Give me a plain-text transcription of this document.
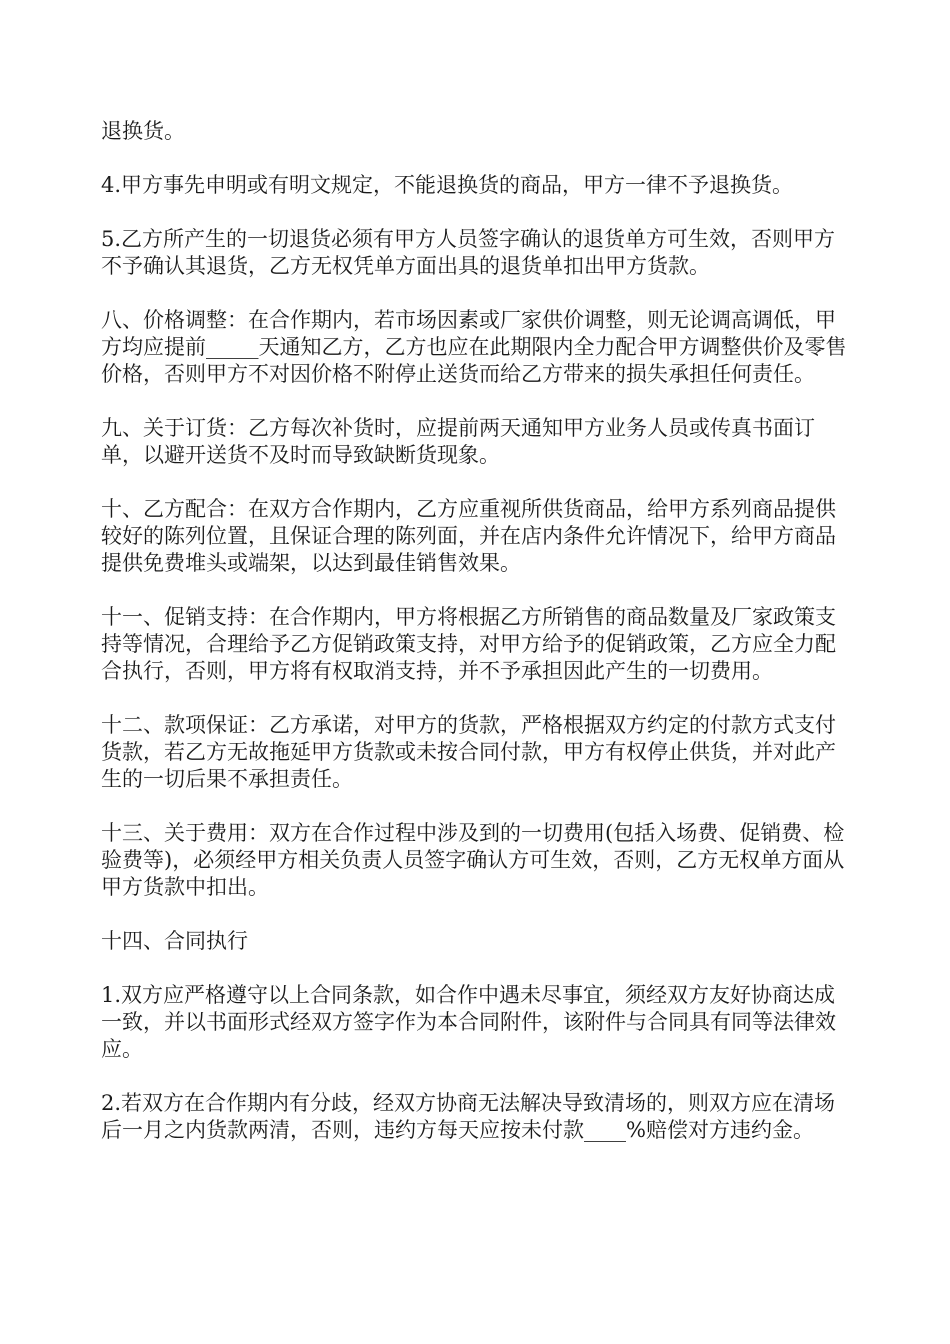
退换货。

4.甲方事先申明或有明文规定，不能退换货的商品，甲方一律不予退换货。

5.乙方所产生的一切退货必须有甲方人员签字确认的退货单方可生效，否则甲方不予确认其退货，乙方无权凭单方面出具的退货单扣出甲方货款。

八、价格调整：在合作期内，若市场因素或厂家供价调整，则无论调高调低，甲方均应提前_____天通知乙方，乙方也应在此期限内全力配合甲方调整供价及零售价格，否则甲方不对因价格不附停止送货而给乙方带来的损失承担任何责任。

九、关于订货：乙方每次补货时，应提前两天通知甲方业务人员或传真书面订单，以避开送货不及时而导致缺断货现象。

十、乙方配合：在双方合作期内，乙方应重视所供货商品，给甲方系列商品提供较好的陈列位置，且保证合理的陈列面，并在店内条件允许情况下，给甲方商品提供免费堆头或端架，以达到最佳销售效果。

十一、促销支持：在合作期内，甲方将根据乙方所销售的商品数量及厂家政策支持等情况，合理给予乙方促销政策支持，对甲方给予的促销政策，乙方应全力配合执行，否则，甲方将有权取消支持，并不予承担因此产生的一切费用。

十二、款项保证：乙方承诺，对甲方的货款，严格根据双方约定的付款方式支付货款，若乙方无故拖延甲方货款或未按合同付款，甲方有权停止供货，并对此产生的一切后果不承担责任。

十三、关于费用：双方在合作过程中涉及到的一切费用(包括入场费、促销费、检验费等)，必须经甲方相关负责人员签字确认方可生效，否则，乙方无权单方面从甲方货款中扣出。

十四、合同执行

1.双方应严格遵守以上合同条款，如合作中遇未尽事宜，须经双方友好协商达成一致，并以书面形式经双方签字作为本合同附件，该附件与合同具有同等法律效应。

2.若双方在合作期内有分歧，经双方协商无法解决导致清场的，则双方应在清场后一月之内货款两清，否则，违约方每天应按未付款____%赔偿对方违约金。
